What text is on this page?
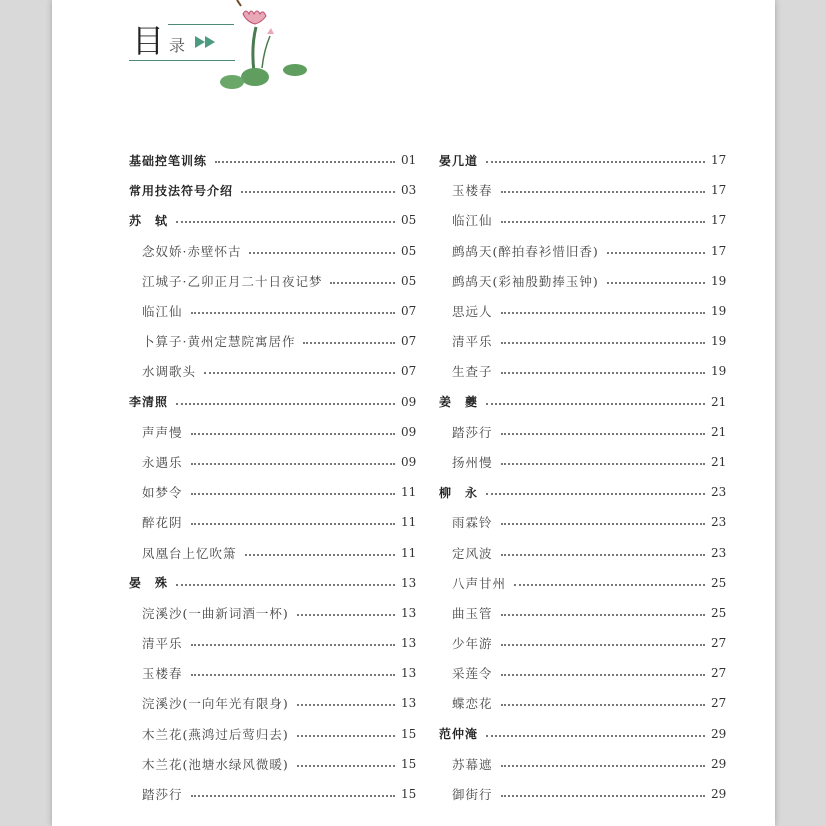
目 录
基础控笔训练	01
常用技法符号介绍	03
苏　轼	05
念奴娇·赤壁怀古	05
江城子·乙卯正月二十日夜记梦	05
临江仙	07
卜算子·黄州定慧院寓居作	07
水调歌头	07
李清照	09
声声慢	09
永遇乐	09
如梦令	11
醉花阴	11
凤凰台上忆吹箫	11
晏　殊	13
浣溪沙(一曲新词酒一杯)	13
清平乐	13
玉楼春	13
浣溪沙(一向年光有限身)	13
木兰花(燕鸿过后莺归去)	15
木兰花(池塘水绿风微暖)	15
踏莎行	15
晏几道	17
玉楼春	17
临江仙	17
鹧鸪天(醉拍春衫惜旧香)	17
鹧鸪天(彩袖殷勤捧玉钟)	19
思远人	19
清平乐	19
生查子	19
姜　夔	21
踏莎行	21
扬州慢	21
柳　永	23
雨霖铃	23
定风波	23
八声甘州	25
曲玉管	25
少年游	27
采莲令	27
蝶恋花	27
范仲淹	29
苏幕遮	29
御街行	29
